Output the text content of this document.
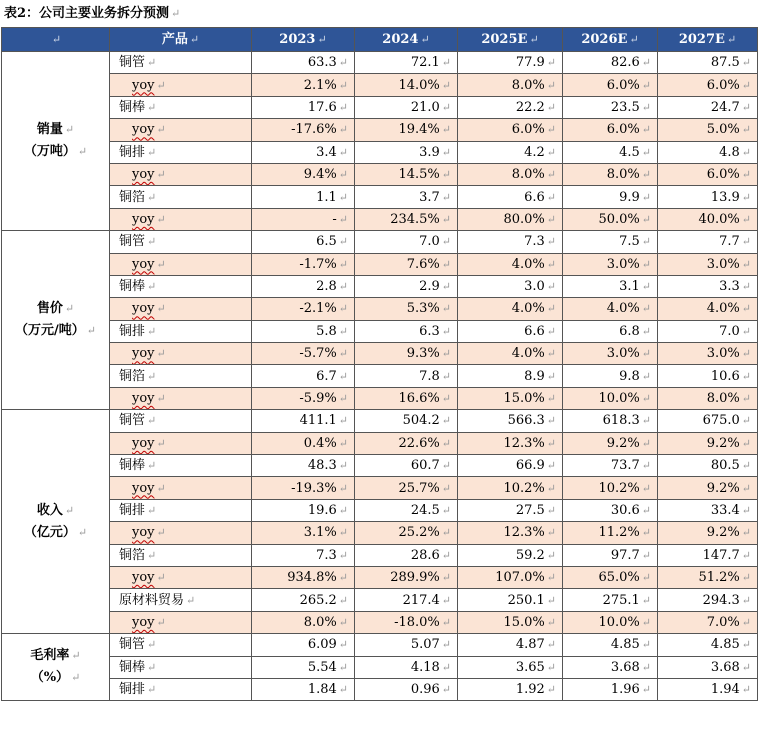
表2：公司主要业务拆分预测 ↵
↵	产品 ↵	2023 ↵	2024 ↵	2025E ↵	2026E ↵	2027E ↵

销量 ↵
（万吨） ↵	铜管 ↵	63.3 ↵	72.1 ↵	77.9 ↵	82.6 ↵	87.5 ↵
	yoy ↵	2.1% ↵	14.0% ↵	8.0% ↵	6.0% ↵	6.0% ↵
	铜棒 ↵	17.6 ↵	21.0 ↵	22.2 ↵	23.5 ↵	24.7 ↵
	yoy ↵	-17.6% ↵	19.4% ↵	6.0% ↵	6.0% ↵	5.0% ↵
	铜排 ↵	3.4 ↵	3.9 ↵	4.2 ↵	4.5 ↵	4.8 ↵
	yoy ↵	9.4% ↵	14.5% ↵	8.0% ↵	8.0% ↵	6.0% ↵
	铜箔 ↵	1.1 ↵	3.7 ↵	6.6 ↵	9.9 ↵	13.9 ↵
	yoy ↵	- ↵	234.5% ↵	80.0% ↵	50.0% ↵	40.0% ↵

售价 ↵
（万元/吨） ↵	铜管 ↵	6.5 ↵	7.0 ↵	7.3 ↵	7.5 ↵	7.7 ↵
	yoy ↵	-1.7% ↵	7.6% ↵	4.0% ↵	3.0% ↵	3.0% ↵
	铜棒 ↵	2.8 ↵	2.9 ↵	3.0 ↵	3.1 ↵	3.3 ↵
	yoy ↵	-2.1% ↵	5.3% ↵	4.0% ↵	4.0% ↵	4.0% ↵
	铜排 ↵	5.8 ↵	6.3 ↵	6.6 ↵	6.8 ↵	7.0 ↵
	yoy ↵	-5.7% ↵	9.3% ↵	4.0% ↵	3.0% ↵	3.0% ↵
	铜箔 ↵	6.7 ↵	7.8 ↵	8.9 ↵	9.8 ↵	10.6 ↵
	yoy ↵	-5.9% ↵	16.6% ↵	15.0% ↵	10.0% ↵	8.0% ↵

收入 ↵
（亿元） ↵	铜管 ↵	411.1 ↵	504.2 ↵	566.3 ↵	618.3 ↵	675.0 ↵
	yoy ↵	0.4% ↵	22.6% ↵	12.3% ↵	9.2% ↵	9.2% ↵
	铜棒 ↵	48.3 ↵	60.7 ↵	66.9 ↵	73.7 ↵	80.5 ↵
	yoy ↵	-19.3% ↵	25.7% ↵	10.2% ↵	10.2% ↵	9.2% ↵
	铜排 ↵	19.6 ↵	24.5 ↵	27.5 ↵	30.6 ↵	33.4 ↵
	yoy ↵	3.1% ↵	25.2% ↵	12.3% ↵	11.2% ↵	9.2% ↵
	铜箔 ↵	7.3 ↵	28.6 ↵	59.2 ↵	97.7 ↵	147.7 ↵
	yoy ↵	934.8% ↵	289.9% ↵	107.0% ↵	65.0% ↵	51.2% ↵
	原材料贸易 ↵	265.2 ↵	217.4 ↵	250.1 ↵	275.1 ↵	294.3 ↵
	yoy ↵	8.0% ↵	-18.0% ↵	15.0% ↵	10.0% ↵	7.0% ↵

毛利率 ↵
（%） ↵	铜管 ↵	6.09 ↵	5.07 ↵	4.87 ↵	4.85 ↵	4.85 ↵
	铜棒 ↵	5.54 ↵	4.18 ↵	3.65 ↵	3.68 ↵	3.68 ↵
	铜排 ↵	1.84 ↵	0.96 ↵	1.92 ↵	1.96 ↵	1.94 ↵
